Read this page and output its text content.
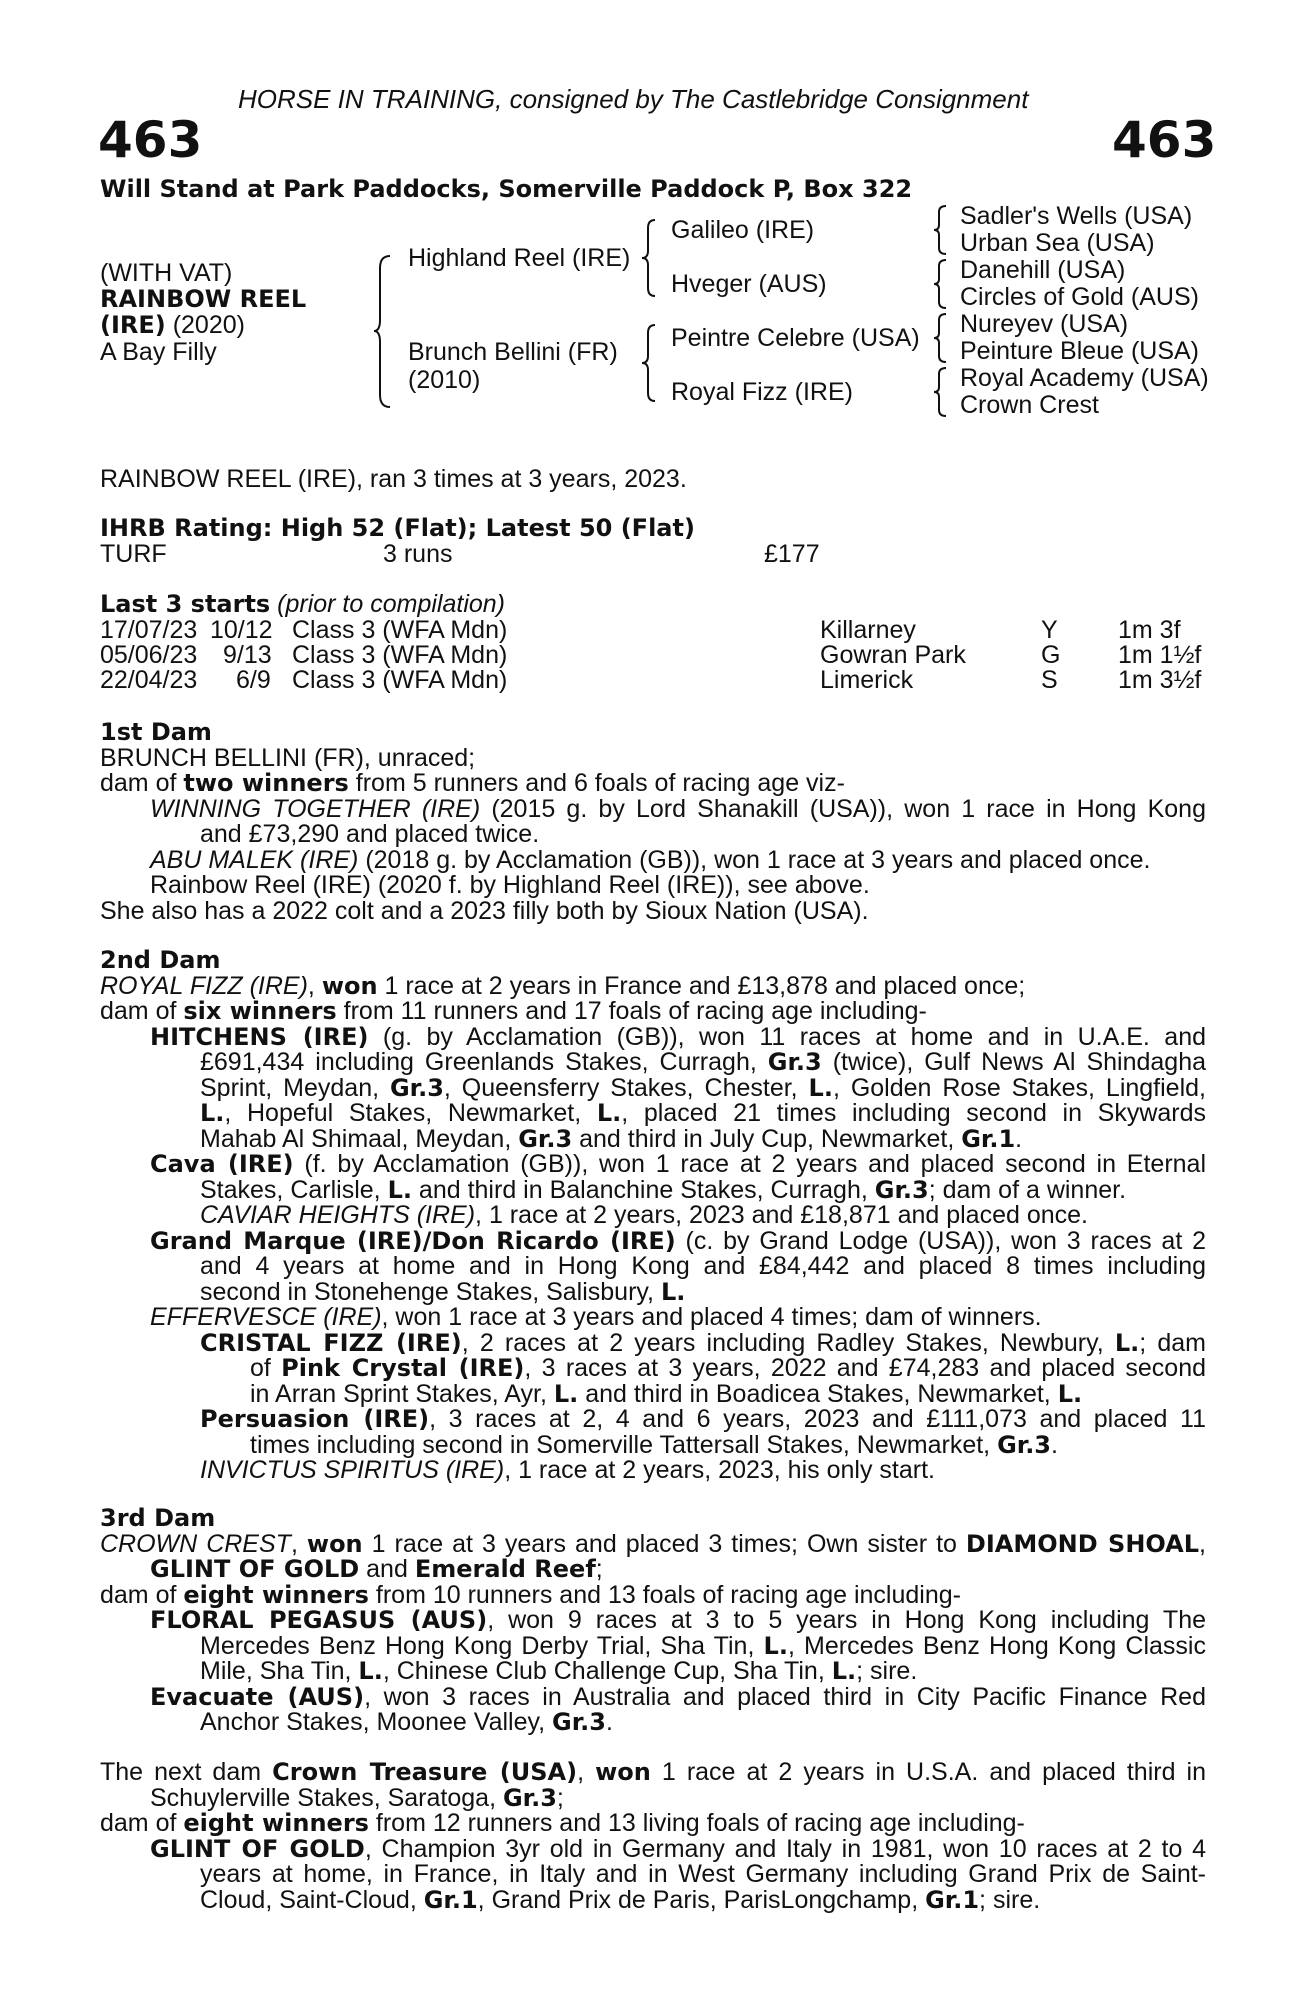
HORSE IN TRAINING, consigned by The Castlebridge Consignment
463	463
Will Stand at Park Paddocks, Somerville Paddock P, Box 322
(WITH VAT)
RAINBOW REEL
(IRE) (2020)
A Bay Filly
Highland Reel (IRE)
Brunch Bellini (FR)
(2010)
Galileo (IRE)
Hveger (AUS)
Peintre Celebre (USA)
Royal Fizz (IRE)
Sadler's Wells (USA)
Urban Sea (USA)
Danehill (USA)
Circles of Gold (AUS)
Nureyev (USA)
Peinture Bleue (USA)
Royal Academy (USA)
Crown Crest
RAINBOW REEL (IRE), ran 3 times at 3 years, 2023.
IHRB Rating: High 52 (Flat); Latest 50 (Flat)
TURF	3 runs	£177
Last 3 starts (prior to compilation)
17/07/23 10/12 Class 3 (WFA Mdn)	Killarney	Y 1m 3f
05/06/23 9/13 Class 3 (WFA Mdn)	Gowran Park	G 1m 1½f
22/04/23 6/9 Class 3 (WFA Mdn)	Limerick	S 1m 3½f
1st Dam
BRUNCH BELLINI (FR), unraced;
dam of two winners from 5 runners and 6 foals of racing age viz-
WINNING TOGETHER (IRE) (2015 g. by Lord Shanakill (USA)), won 1 race in Hong Kong
and £73,290 and placed twice.
ABU MALEK (IRE) (2018 g. by Acclamation (GB)), won 1 race at 3 years and placed once.
Rainbow Reel (IRE) (2020 f. by Highland Reel (IRE)), see above.
She also has a 2022 colt and a 2023 filly both by Sioux Nation (USA).
2nd Dam
ROYAL FIZZ (IRE), won 1 race at 2 years in France and £13,878 and placed once;
dam of six winners from 11 runners and 17 foals of racing age including-
HITCHENS (IRE) (g. by Acclamation (GB)), won 11 races at home and in U.A.E. and
£691,434 including Greenlands Stakes, Curragh, Gr.3 (twice), Gulf News Al Shindagha
Sprint, Meydan, Gr.3, Queensferry Stakes, Chester, L., Golden Rose Stakes, Lingfield,
L., Hopeful Stakes, Newmarket, L., placed 21 times including second in Skywards
Mahab Al Shimaal, Meydan, Gr.3 and third in July Cup, Newmarket, Gr.1.
Cava (IRE) (f. by Acclamation (GB)), won 1 race at 2 years and placed second in Eternal
Stakes, Carlisle, L. and third in Balanchine Stakes, Curragh, Gr.3; dam of a winner.
CAVIAR HEIGHTS (IRE), 1 race at 2 years, 2023 and £18,871 and placed once.
Grand Marque (IRE)/Don Ricardo (IRE) (c. by Grand Lodge (USA)), won 3 races at 2
and 4 years at home and in Hong Kong and £84,442 and placed 8 times including
second in Stonehenge Stakes, Salisbury, L.
EFFERVESCE (IRE), won 1 race at 3 years and placed 4 times; dam of winners.
CRISTAL FIZZ (IRE), 2 races at 2 years including Radley Stakes, Newbury, L.; dam
of Pink Crystal (IRE), 3 races at 3 years, 2022 and £74,283 and placed second
in Arran Sprint Stakes, Ayr, L. and third in Boadicea Stakes, Newmarket, L.
Persuasion (IRE), 3 races at 2, 4 and 6 years, 2023 and £111,073 and placed 11
times including second in Somerville Tattersall Stakes, Newmarket, Gr.3.
INVICTUS SPIRITUS (IRE), 1 race at 2 years, 2023, his only start.
3rd Dam
CROWN CREST, won 1 race at 3 years and placed 3 times; Own sister to DIAMOND SHOAL,
GLINT OF GOLD and Emerald Reef;
dam of eight winners from 10 runners and 13 foals of racing age including-
FLORAL PEGASUS (AUS), won 9 races at 3 to 5 years in Hong Kong including The
Mercedes Benz Hong Kong Derby Trial, Sha Tin, L., Mercedes Benz Hong Kong Classic
Mile, Sha Tin, L., Chinese Club Challenge Cup, Sha Tin, L.; sire.
Evacuate (AUS), won 3 races in Australia and placed third in City Pacific Finance Red
Anchor Stakes, Moonee Valley, Gr.3.
The next dam Crown Treasure (USA), won 1 race at 2 years in U.S.A. and placed third in
Schuylerville Stakes, Saratoga, Gr.3;
dam of eight winners from 12 runners and 13 living foals of racing age including-
GLINT OF GOLD, Champion 3yr old in Germany and Italy in 1981, won 10 races at 2 to 4
years at home, in France, in Italy and in West Germany including Grand Prix de Saint-
Cloud, Saint-Cloud, Gr.1, Grand Prix de Paris, ParisLongchamp, Gr.1; sire.
